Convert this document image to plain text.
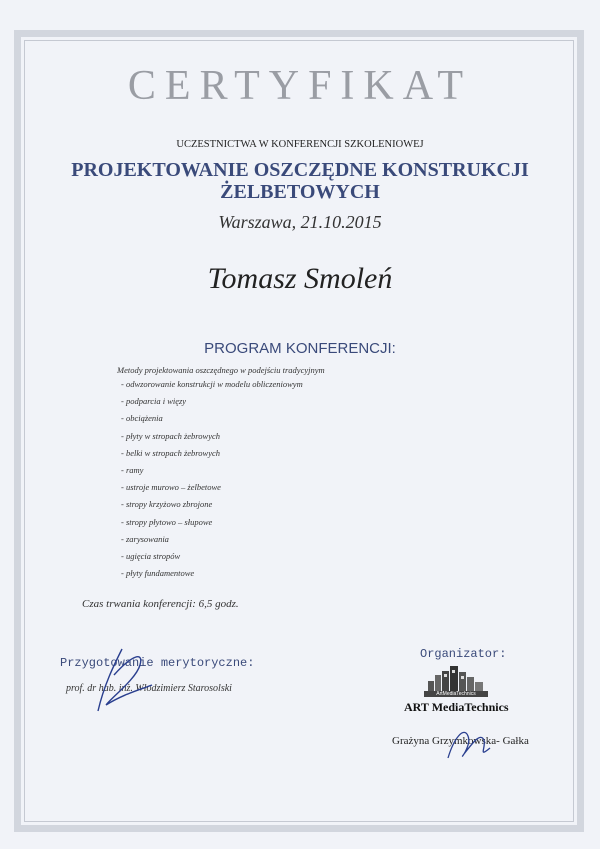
CERTYFIKAT
UCZESTNICTWA W KONFERENCJI SZKOLENIOWEJ
PROJEKTOWANIE OSZCZĘDNE KONSTRUKCJI
ŻELBETOWYCH
Warszawa, 21.10.2015
Tomasz Smoleń
PROGRAM KONFERENCJI:
Metody projektowania oszczędnego w podejściu tradycyjnym
- odwzorowanie konstrukcji w modelu obliczeniowym
- podparcia i więzy
- obciążenia
- płyty w stropach żebrowych
- belki w stropach żebrowych
- ramy
- ustroje murowo – żelbetowe
- stropy krzyżowo zbrojone
- stropy płytowo – słupowe
- zarysowania
- ugięcia stropów
- płyty fundamentowe
Czas trwania konferencji: 6,5 godz.
Przygotowanie merytoryczne:
prof. dr hab. inż. Włodzimierz Starosolski
Organizator:
ArtMediaTechnics
ART MediaTechnics
Grażyna Grzymkowska- Gałka
